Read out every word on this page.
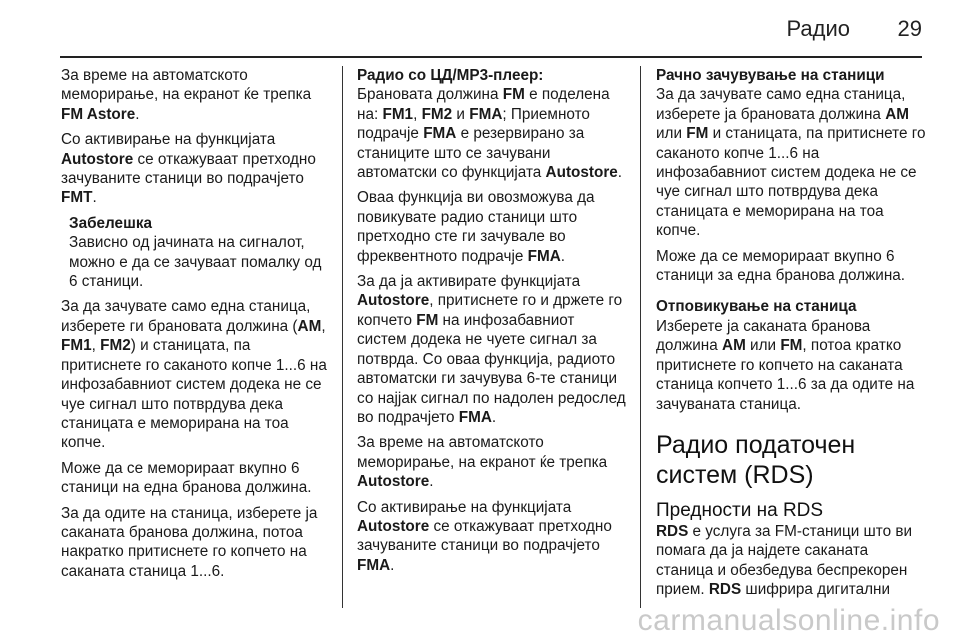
Радио 29

За време на автоматското меморирање, на екранот ќе трепка FM Astore.

Со активирање на функцијата Autostore се откажуваат претходно зачуваните станици во подрачјето FMT.

Забелешка
Зависно од јачината на сигналот, можно е да се зачуваат помалку од 6 станици.

За да зачувате само една станица, изберете ги брановата должина (AM, FM1, FM2) и станицата, па притиснете го саканото копче 1...6 на инфозабавниот систем додека не се чуе сигнал што потврдува дека станицата е меморирана на тоа копче.

Може да се меморираат вкупно 6 станици на една бранова должина.

За да одите на станица, изберете ја саканата бранова должина, потоа накратко притиснете го копчето на саканата станица 1...6.

Радио со ЦД/MP3-плеер:

Брановата должина FM е поделена на: FM1, FM2 и FMA; Приемното подрачје FMA е резервирано за станиците што се зачувани автоматски со функцијата Autostore.

Оваа функција ви овозможува да повикувате радио станици што претходно сте ги зачувале во фреквентното подрачје FMA.

За да ја активирате функцијата Autostore, притиснете го и држете го копчето FM на инфозабавниот систем додека не чуете сигнал за потврда. Со оваа функција, радиото автоматски ги зачувува 6-те станици со најјак сигнал по надолен редослед во подрачјето FMA.

За време на автоматското меморирање, на екранот ќе трепка Autostore.

Со активирање на функцијата Autostore се откажуваат претходно зачуваните станици во подрачјето FMA.

Рачно зачувување на станици

За да зачувате само една станица, изберете ја брановата должина AM или FM и станицата, па притиснете го саканото копче 1...6 на инфозабавниот систем додека не се чуе сигнал што потврдува дека станицата е меморирана на тоа копче.

Може да се меморираат вкупно 6 станици за една бранова должина.

Отповикување на станица

Изберете ја саканата бранова должина AM или FM, потоа кратко притиснете го копчето на саканата станица копчето 1...6 за да одите на зачуваната станица.

Радио податочен систем (RDS)
Предности на RDS

RDS е услуга за FM-станици што ви помага да ја најдете саканата станица и обезбедува беспрекорен прием. RDS шифрира дигитални

carmanualsonline.info
